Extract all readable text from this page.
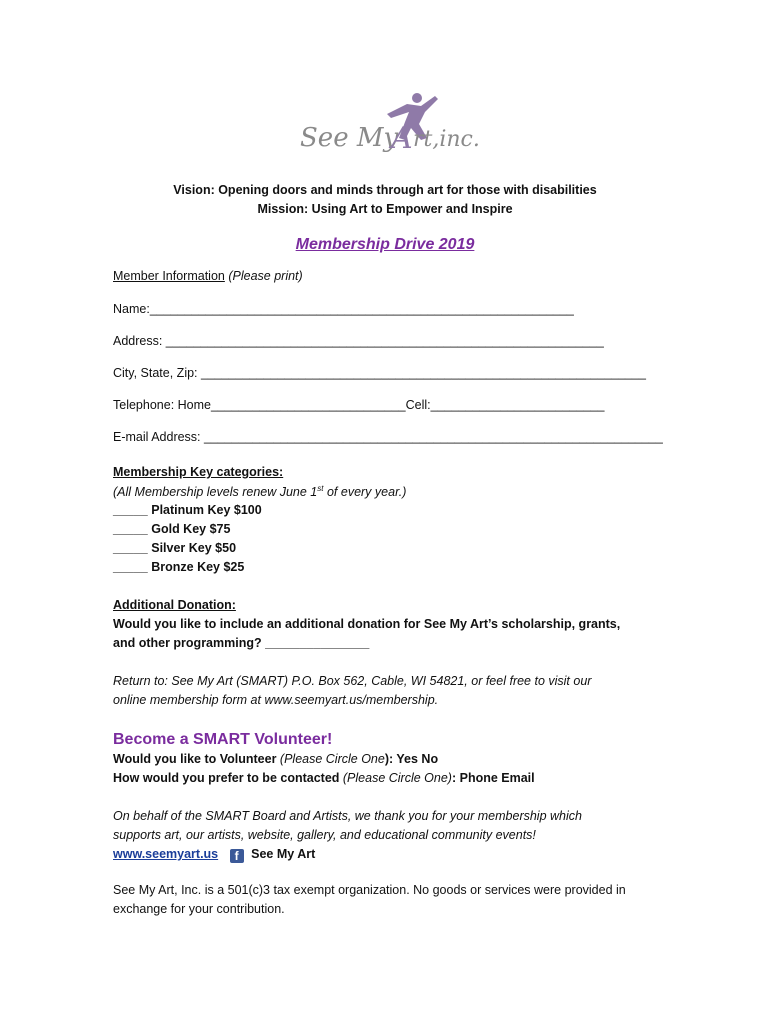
See My
A rt,inc.
Vision: Opening doors and minds through art for those with disabilities
Mission: Using Art to Empower and Inspire
Membership Drive 2019
Member Information (Please print)
Name:_____________________________________________________________
Address: _______________________________________________________________
City, State, Zip: ________________________________________________________________
Telephone: Home____________________________Cell:_________________________
E-mail Address: __________________________________________________________________
Membership Key categories:
(All Membership levels renew June 1st of every year.)
_____ Platinum Key $100
_____ Gold Key $75
_____ Silver Key $50
_____ Bronze Key $25
Additional Donation:
Would you like to include an additional donation for See My Art’s scholarship, grants,
and other programming? _______________
Return to: See My Art (SMART) P.O. Box 562, Cable, WI 54821, or feel free to visit our
online membership form at www.seemyart.us/membership.
Become a SMART Volunteer!
Would you like to Volunteer (Please Circle One): Yes No
How would you prefer to be contacted (Please Circle One): Phone Email
On behalf of the SMART Board and Artists, we thank you for your membership which
supports art, our artists, website, gallery, and educational community events!
www.seemyart.us f See My Art
See My Art, Inc. is a 501(c)3 tax exempt organization. No goods or services were provided in
exchange for your contribution.
